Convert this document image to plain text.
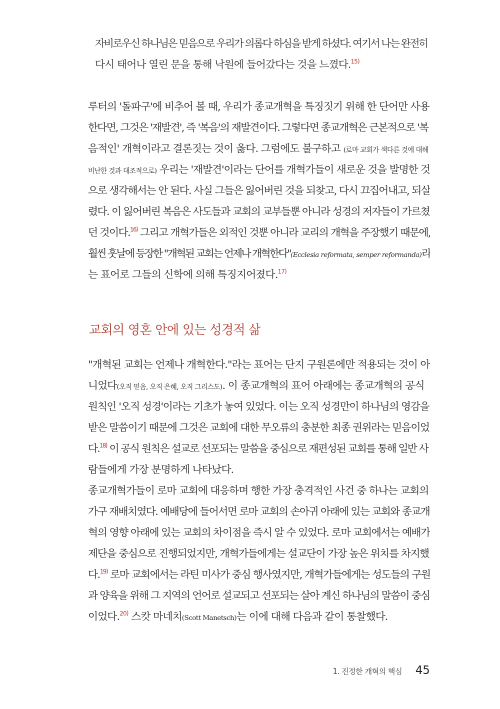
자비로우신 하나님은 믿음으로 우리가 의롭다 하심을 받게 하셨다. 여기서 나는 완전히
다시 태어나 열린 문을 통해 낙원에 들어갔다는 것을 느꼈다.$^{15)}$

루터의 '돌파구'에 비추어 볼 때, 우리가 종교개혁을 특징짓기 위해 한 단어만 사용
한다면, 그것은 '재발견', 즉 '복음'의 재발견이다. 그렇다면 종교개혁은 근본적으로 '복
음적인' 개혁이라고 결론짓는 것이 옳다. 그럼에도 불구하고 (로마 교회가 색다른 것에 대해
비난한 것과 대조적으로) 우리는 '재발견'이라는 단어를 개혁가들이 새로운 것을 발명한 것
으로 생각해서는 안 된다. 사실 그들은 잃어버린 것을 되찾고, 다시 끄집어내고, 되살
렸다. 이 잃어버린 복음은 사도들과 교회의 교부들뿐 아니라 성경의 저자들이 가르쳤
던 것이다.$^{16)}$ 그리고 개혁가들은 외적인 것뿐 아니라 교리의 개혁을 주장했기 때문에,
훨씬 훗날에 등장한 "개혁된 교회는 언제나 개혁한다"(Ecclesia reformata, semper reformanda)라
는 표어로 그들의 신학에 의해 특징지어졌다.$^{17)}$

교회의 영혼 안에 있는 성경적 삶

"개혁된 교회는 언제나 개혁한다."라는 표어는 단지 구원론에만 적용되는 것이 아
니었다(오직 믿음, 오직 은혜, 오직 그리스도). 이 종교개혁의 표어 아래에는 종교개혁의 공식
원칙인 '오직 성경'이라는 기초가 놓여 있었다. 이는 오직 성경만이 하나님의 영감을
받은 말씀이기 때문에 그것은 교회에 대한 무오류의 충분한 최종 권위라는 믿음이었
다.$^{18)}$ 이 공식 원칙은 설교로 선포되는 말씀을 중심으로 재편성된 교회를 통해 일반 사
람들에게 가장 분명하게 나타났다.

종교개혁가들이 로마 교회에 대응하며 행한 가장 충격적인 사건 중 하나는 교회의
가구 재배치였다. 예배당에 들어서면 로마 교회의 손아귀 아래에 있는 교회와 종교개
혁의 영향 아래에 있는 교회의 차이점을 즉시 알 수 있었다. 로마 교회에서는 예배가
제단을 중심으로 진행되었지만, 개혁가들에게는 설교단이 가장 높은 위치를 차지했
다.$^{19)}$ 로마 교회에서는 라틴 미사가 중심 행사였지만, 개혁가들에게는 성도들의 구원
과 양육을 위해 그 지역의 언어로 설교되고 선포되는 살아 계신 하나님의 말씀이 중심
이었다.$^{20)}$ 스캇 마네치(Scott Manetsch)는 이에 대해 다음과 같이 통찰했다.

1. 진정한 개혁의 핵심 45
